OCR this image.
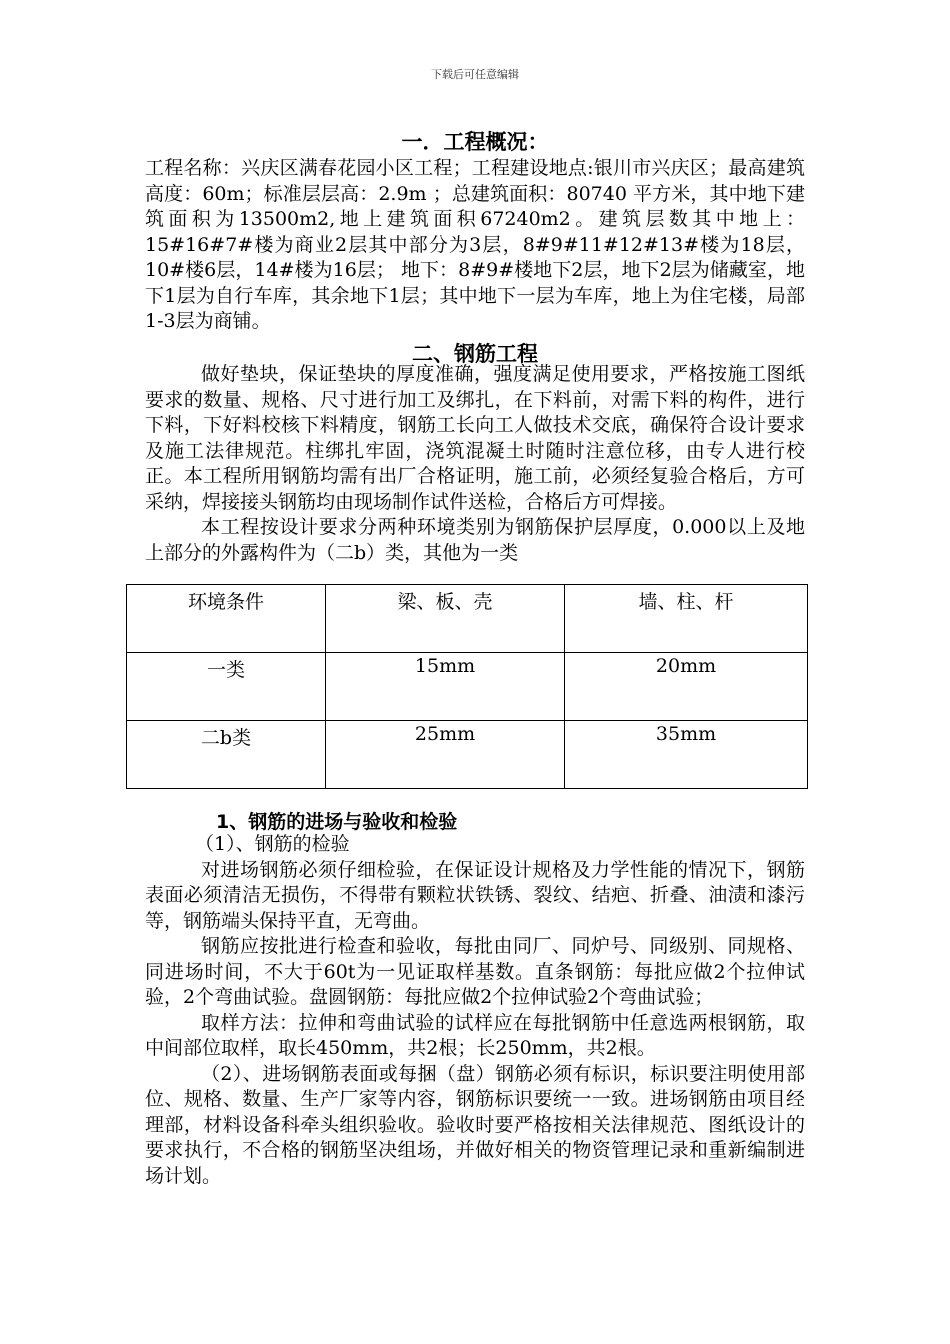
下载后可任意编辑
一．工程概况：

工程名称：兴庆区满春花园小区工程；工程建设地点:银川市兴庆区；最高建筑高度：60m；标准层层高：2.9m ；总建筑面积：80740 平方米，其中地下建筑面积为13500m2,地上建筑面积67240m2。建筑层数其中地上：15#16#7#楼为商业2层其中部分为3层，8#9#11#12#13#楼为18层，10#楼6层，14#楼为16层； 地下：8#9#楼地下2层，地下2层为储藏室，地下1层为自行车库，其余地下1层；其中地下一层为车库，地上为住宅楼，局部1-3层为商铺。

二、钢筋工程

做好垫块，保证垫块的厚度准确，强度满足使用要求，严格按施工图纸要求的数量、规格、尺寸进行加工及绑扎，在下料前，对需下料的构件，进行下料，下好料校核下料精度，钢筋工长向工人做技术交底，确保符合设计要求及施工法律规范。柱绑扎牢固，浇筑混凝土时随时注意位移，由专人进行校正。本工程所用钢筋均需有出厂合格证明，施工前，必须经复验合格后，方可采纳，焊接接头钢筋均由现场制作试件送检，合格后方可焊接。

本工程按设计要求分两种环境类别为钢筋保护层厚度，0.000以上及地上部分的外露构件为（二b）类，其他为一类

环境条件	梁、板、壳	墙、柱、杆
一类	15mm	20mm
二b类	25mm	35mm
1、钢筋的进场与验收和检验

（1）、钢筋的检验

对进场钢筋必须仔细检验，在保证设计规格及力学性能的情况下，钢筋表面必须清洁无损伤，不得带有颗粒状铁锈、裂纹、结疤、折叠、油渍和漆污等，钢筋端头保持平直，无弯曲。

钢筋应按批进行检查和验收，每批由同厂、同炉号、同级别、同规格、同进场时间，不大于60t为一见证取样基数。直条钢筋：每批应做2个拉伸试验，2个弯曲试验。盘圆钢筋：每批应做2个拉伸试验2个弯曲试验；

取样方法：拉伸和弯曲试验的试样应在每批钢筋中任意选两根钢筋，取中间部位取样，取长450mm，共2根；长250mm，共2根。

（2）、进场钢筋表面或每捆（盘）钢筋必须有标识，标识要注明使用部位、规格、数量、生产厂家等内容，钢筋标识要统一一致。进场钢筋由项目经理部，材料设备科牵头组织验收。验收时要严格按相关法律规范、图纸设计的要求执行，不合格的钢筋坚决组场，并做好相关的物资管理记录和重新编制进场计划。
